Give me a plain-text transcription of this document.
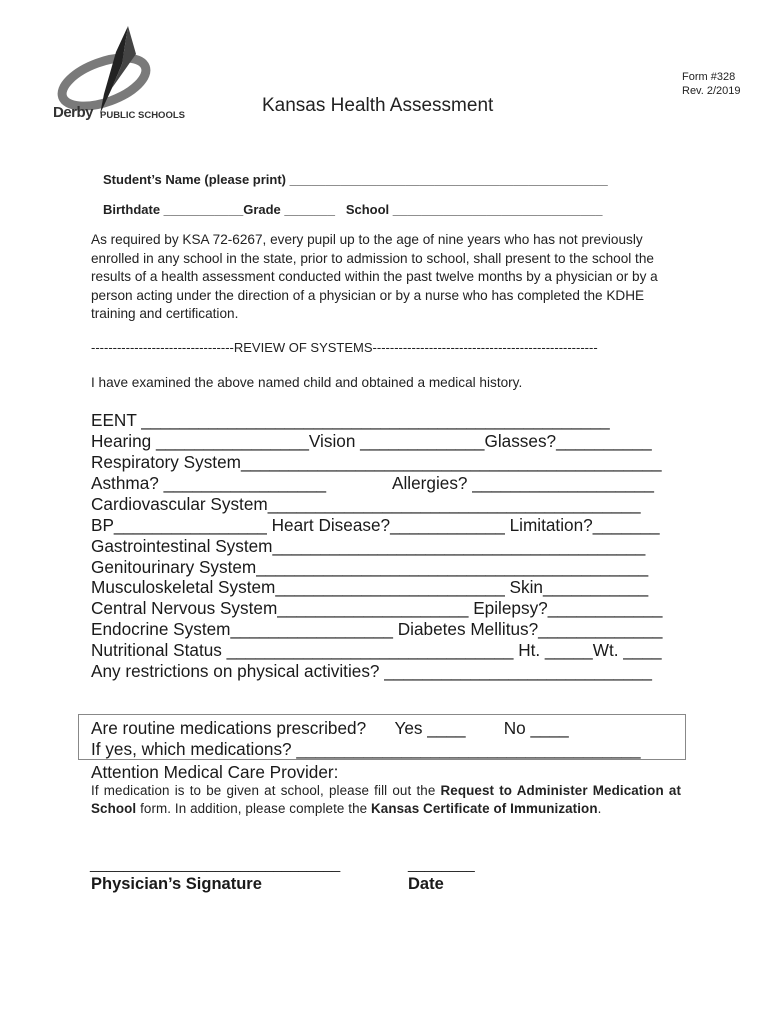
Derby PUBLIC SCHOOLS
Form #328
Rev. 2/2019
Kansas Health Assessment
Student’s Name (please print) ____________________________________________
Birthdate ___________Grade _______   School _____________________________
As required by KSA 72-6267, every pupil up to the age of nine years who has not previously enrolled in any school in the state, prior to admission to school, shall present to the school the results of a health assessment conducted within the past twelve months by a physician or by a person acting under the direction of a physician or by a nurse who has completed the KDHE training and certification.
---------------------------------REVIEW OF SYSTEMS----------------------------------------------------
I have examined the above named child and obtained a medical history.
EENT _________________________________________________
Hearing ________________Vision _____________Glasses?__________
Respiratory System____________________________________________
Asthma? _________________              Allergies? ___________________
Cardiovascular System_______________________________________
BP________________ Heart Disease?____________ Limitation?_______
Gastrointestinal System_______________________________________
Genitourinary System_________________________________________
Musculoskeletal System________________________ Skin___________
Central Nervous System____________________ Epilepsy?____________
Endocrine System_________________ Diabetes Mellitus?_____________
Nutritional Status ______________________________ Ht. _____Wt. ____
Any restrictions on physical activities? ____________________________
Are routine medications prescribed?      Yes ____        No ____
If yes, which medications? ____________________________________
Attention Medical Care Provider:
If medication is to be given at school, please fill out the Request to Administer Medication at School form. In addition, please complete the Kansas Certificate of Immunization.
______________________________	________
Physician’s Signature	Date
